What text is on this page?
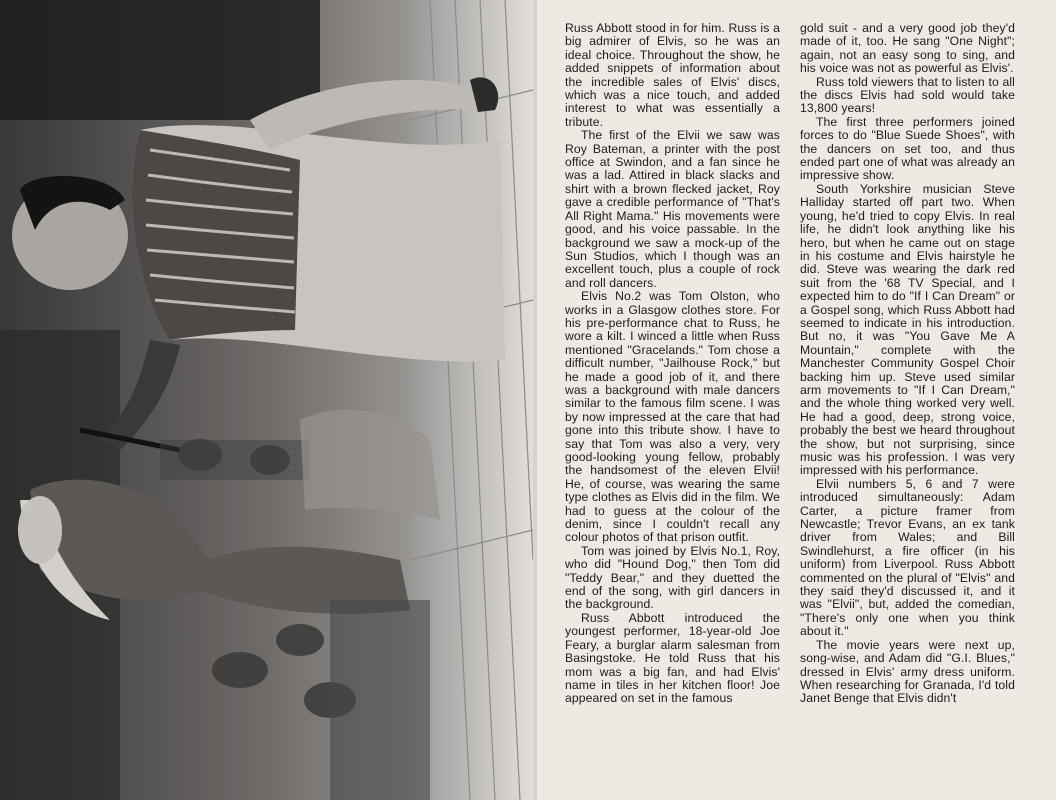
Russ Abbott stood in for him. Russ is a big admirer of Elvis, so he was an ideal choice. Throughout the show, he added snippets of information about the incredible sales of Elvis' discs, which was a nice touch, and added interest to what was essentially a tribute.

The first of the Elvii we saw was Roy Bateman, a printer with the post office at Swindon, and a fan since he was a lad. Attired in black slacks and shirt with a brown flecked jacket, Roy gave a credible performance of "That's All Right Mama." His movements were good, and his voice passable. In the background we saw a mock-up of the Sun Studios, which I though was an excellent touch, plus a couple of rock and roll dancers.

Elvis No.2 was Tom Olston, who works in a Glasgow clothes store. For his pre-performance chat to Russ, he wore a kilt. I winced a little when Russ mentioned "Gracelands." Tom chose a difficult number, "Jailhouse Rock," but he made a good job of it, and there was a background with male dancers similar to the famous film scene. I was by now impressed at the care that had gone into this tribute show. I have to say that Tom was also a very, very good-looking young fellow, probably the handsomest of the eleven Elvii! He, of course, was wearing the same type clothes as Elvis did in the film. We had to guess at the colour of the denim, since I couldn't recall any colour photos of that prison outfit.

Tom was joined by Elvis No.1, Roy, who did "Hound Dog," then Tom did "Teddy Bear," and they duetted the end of the song, with girl dancers in the background.

Russ Abbott introduced the youngest performer, 18-year-old Joe Feary, a burglar alarm salesman from Basingstoke. He told Russ that his mom was a big fan, and had Elvis' name in tiles in her kitchen floor! Joe appeared on set in the famous

gold suit - and a very good job they'd made of it, too. He sang "One Night"; again, not an easy song to sing, and his voice was not as powerful as Elvis'.

Russ told viewers that to listen to all the discs Elvis had sold would take 13,800 years!

The first three performers joined forces to do "Blue Suede Shoes", with the dancers on set too, and thus ended part one of what was already an impressive show.

South Yorkshire musician Steve Halliday started off part two. When young, he'd tried to copy Elvis. In real life, he didn't look anything like his hero, but when he came out on stage in his costume and Elvis hairstyle he did. Steve was wearing the dark red suit from the '68 TV Special, and I expected him to do "If I Can Dream" or a Gospel song, which Russ Abbott had seemed to indicate in his introduction. But no, it was "You Gave Me A Mountain," complete with the Manchester Community Gospel Choir backing him up. Steve used similar arm movements to "If I Can Dream," and the whole thing worked very well. He had a good, deep, strong voice, probably the best we heard throughout the show, but not surprising, since music was his profession. I was very impressed with his performance.

Elvii numbers 5, 6 and 7 were introduced simultaneously: Adam Carter, a picture framer from Newcastle; Trevor Evans, an ex tank driver from Wales; and Bill Swindlehurst, a fire officer (in his uniform) from Liverpool. Russ Abbott commented on the plural of "Elvis" and they said they'd discussed it, and it was "Elvii", but, added the comedian, "There's only one when you think about it."

The movie years were next up, song-wise, and Adam did "G.I. Blues," dressed in Elvis' army dress uniform. When researching for Granada, I'd told Janet Benge that Elvis didn't
